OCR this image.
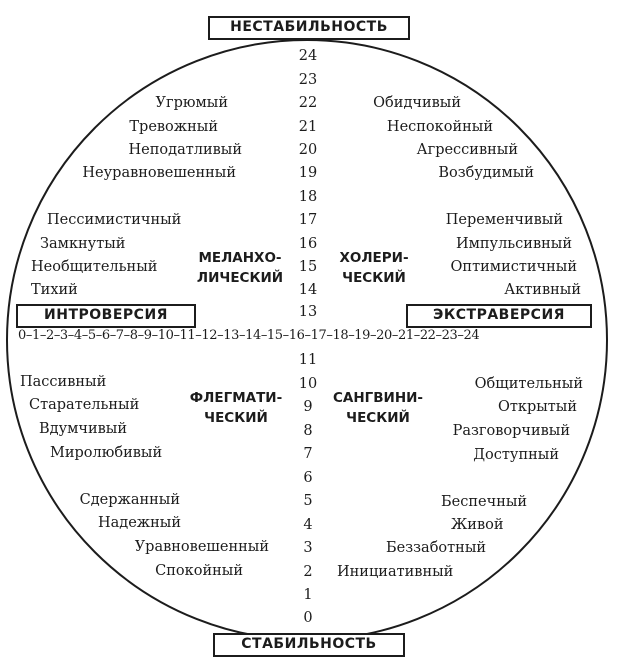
НЕСТАБИЛЬНОСТЬ
СТАБИЛЬНОСТЬ
ИНТРОВЕРСИЯ	ЭКСТРАВЕРСИЯ
0–1–2–3–4–5–6–7–8–9–10–11–12–13–14–15–16–17–18–19–20–21–22–23–24
24
23
22
21
20
19
18
17
16
15
14
13
11
10
9
8
7
6
5
4
3
2
1
0
МЕЛАНХО-
ЛИЧЕСКИЙ
ХОЛЕРИ-
ЧЕСКИЙ
ФЛЕГМАТИ-
ЧЕСКИЙ
САНГВИНИ-
ЧЕСКИЙ
Угрюмый
Тревожный
Неподатливый
Неуравновешенный
Пессимистичный
Замкнутый
Необщительный
Тихий
Обидчивый
Неспокойный
Агрессивный
Возбудимый
Переменчивый
Импульсивный
Оптимистичный
Активный
Пассивный
Старательный
Вдумчивый
Миролюбивый
Сдержанный
Надежный
Уравновешенный
Спокойный
Общительный
Открытый
Разговорчивый
Доступный
Беспечный
Живой
Беззаботный
Инициативный
